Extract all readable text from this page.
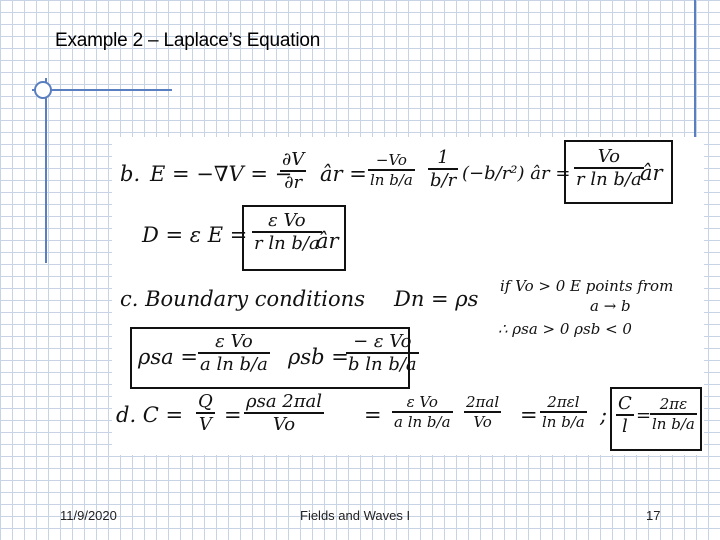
Example 2 – Laplace’s Equation
b. E = −∇V = −
$\frac{\partial V}{\partial r}$ âr = $\frac{-Vo}{\text{ln b/a}} \frac{1}{b/r} (-b/r^2)$ âr = $\frac{Vo}{\text{r ln b/a}}$
âr
D = ε $E = \frac{\text{ε Vo}}{\text{r ln b/a}}$
âr
c. Boundary conditions Dn = ρs
if Vo > 0 E points from
a → b
∴ ρsa > 0 ρsb < 0
$\rho sa = \frac{\text{ε Vo}}{\text{a ln b/a}}$ ρsb =
$\frac{\text{− ε Vo}}{\text{b ln b/a}}$
d. $C = \frac{Q}{V}$ =
ρsa 2πal
Vo	= $\frac{\text{ε Vo}}{\text{a ln b/a}} 2\pi al$
Vo	=
2πεl
ln b/a ; $\frac{C}{l}$ =
$\frac{2\pi\varepsilon}{\text{ln b/a}}$
11/9/2020	Fields and Waves I	17
